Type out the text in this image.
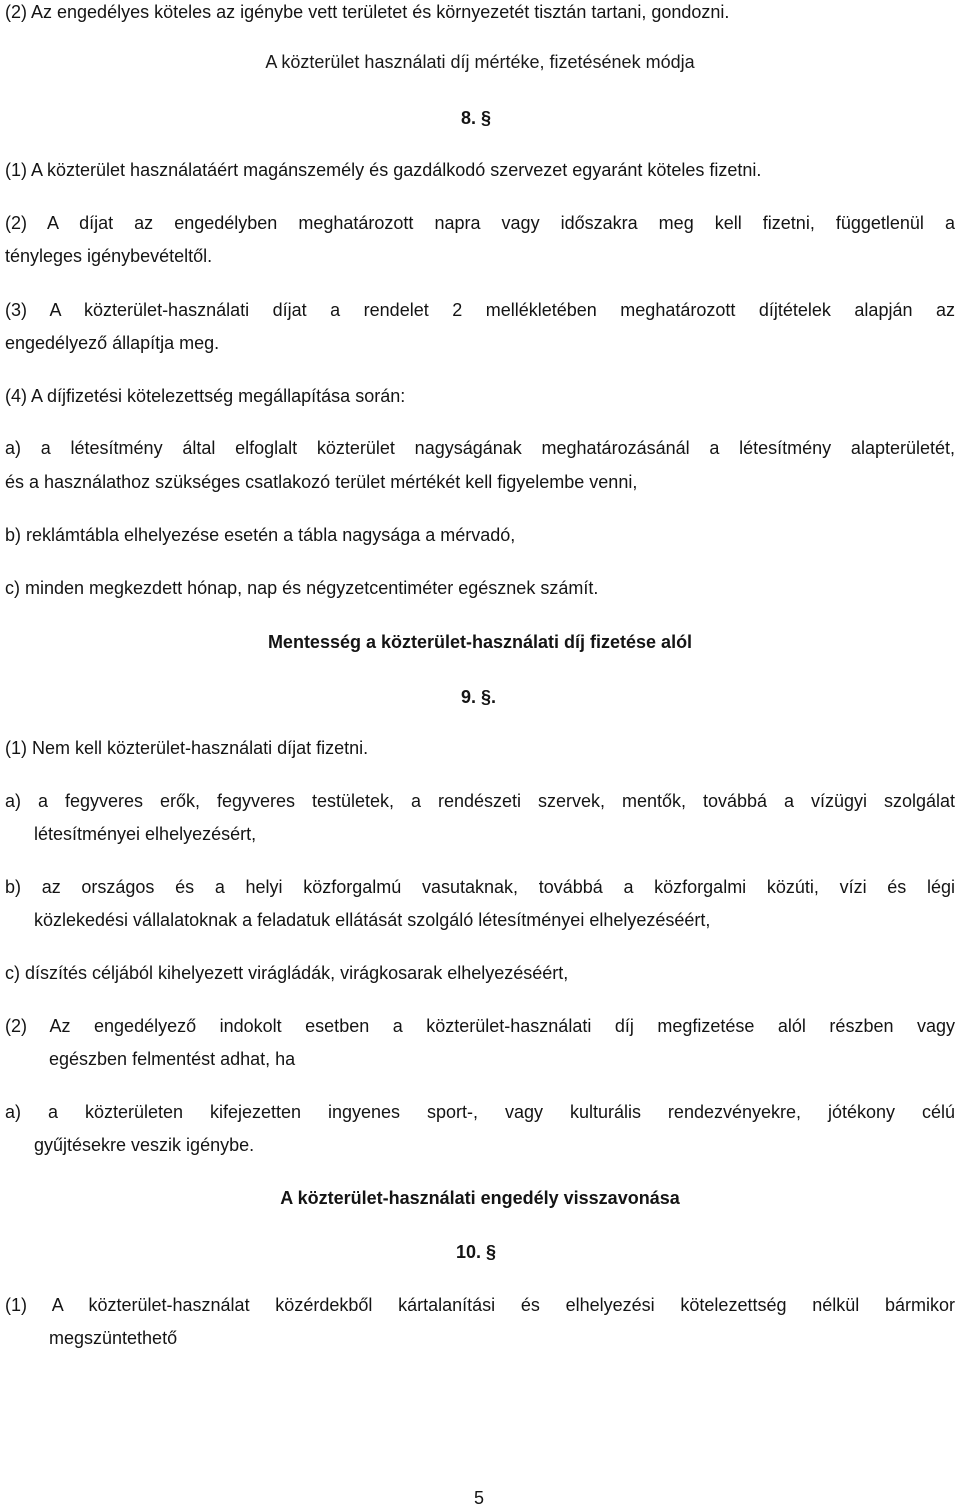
(2) Az engedélyes köteles az igénybe vett területet és környezetét tisztán tartani, gondozni.
A közterület használati díj mértéke, fizetésének módja
8. §
(1) A közterület használatáért magánszemély és gazdálkodó szervezet egyaránt köteles fizetni.
(2) A díjat az engedélyben meghatározott napra vagy időszakra meg kell fizetni, függetlenül a
tényleges igénybevételtől.
(3) A közterület-használati díjat a rendelet 2 mellékletében meghatározott díjtételek alapján az
engedélyező állapítja meg.
(4) A díjfizetési kötelezettség megállapítása során:
a) a létesítmény által elfoglalt közterület nagyságának meghatározásánál a létesítmény alapterületét,
és a használathoz szükséges csatlakozó terület mértékét kell figyelembe venni,
b) reklámtábla elhelyezése esetén a tábla nagysága a mérvadó,
c) minden megkezdett hónap, nap és négyzetcentiméter egésznek számít.
Mentesség a közterület-használati díj fizetése alól
9. §.
(1) Nem kell közterület-használati díjat fizetni.
a) a fegyveres erők, fegyveres testületek, a rendészeti szervek, mentők, továbbá a vízügyi szolgálat
létesítményei elhelyezésért,
b) az országos és a helyi közforgalmú vasutaknak, továbbá a közforgalmi közúti, vízi és légi
közlekedési vállalatoknak a feladatuk ellátását szolgáló létesítményei elhelyezéséért,
c) díszítés céljából kihelyezett virágládák, virágkosarak elhelyezéséért,
(2) Az engedélyező indokolt esetben a közterület-használati díj megfizetése alól részben vagy
egészben felmentést adhat, ha
a) a közterületen kifejezetten ingyenes sport-, vagy kulturális rendezvényekre, jótékony célú
gyűjtésekre veszik igénybe.
A közterület-használati engedély visszavonása
10. §
(1) A közterület-használat közérdekből kártalanítási és elhelyezési kötelezettség nélkül bármikor
megszüntethető
5
